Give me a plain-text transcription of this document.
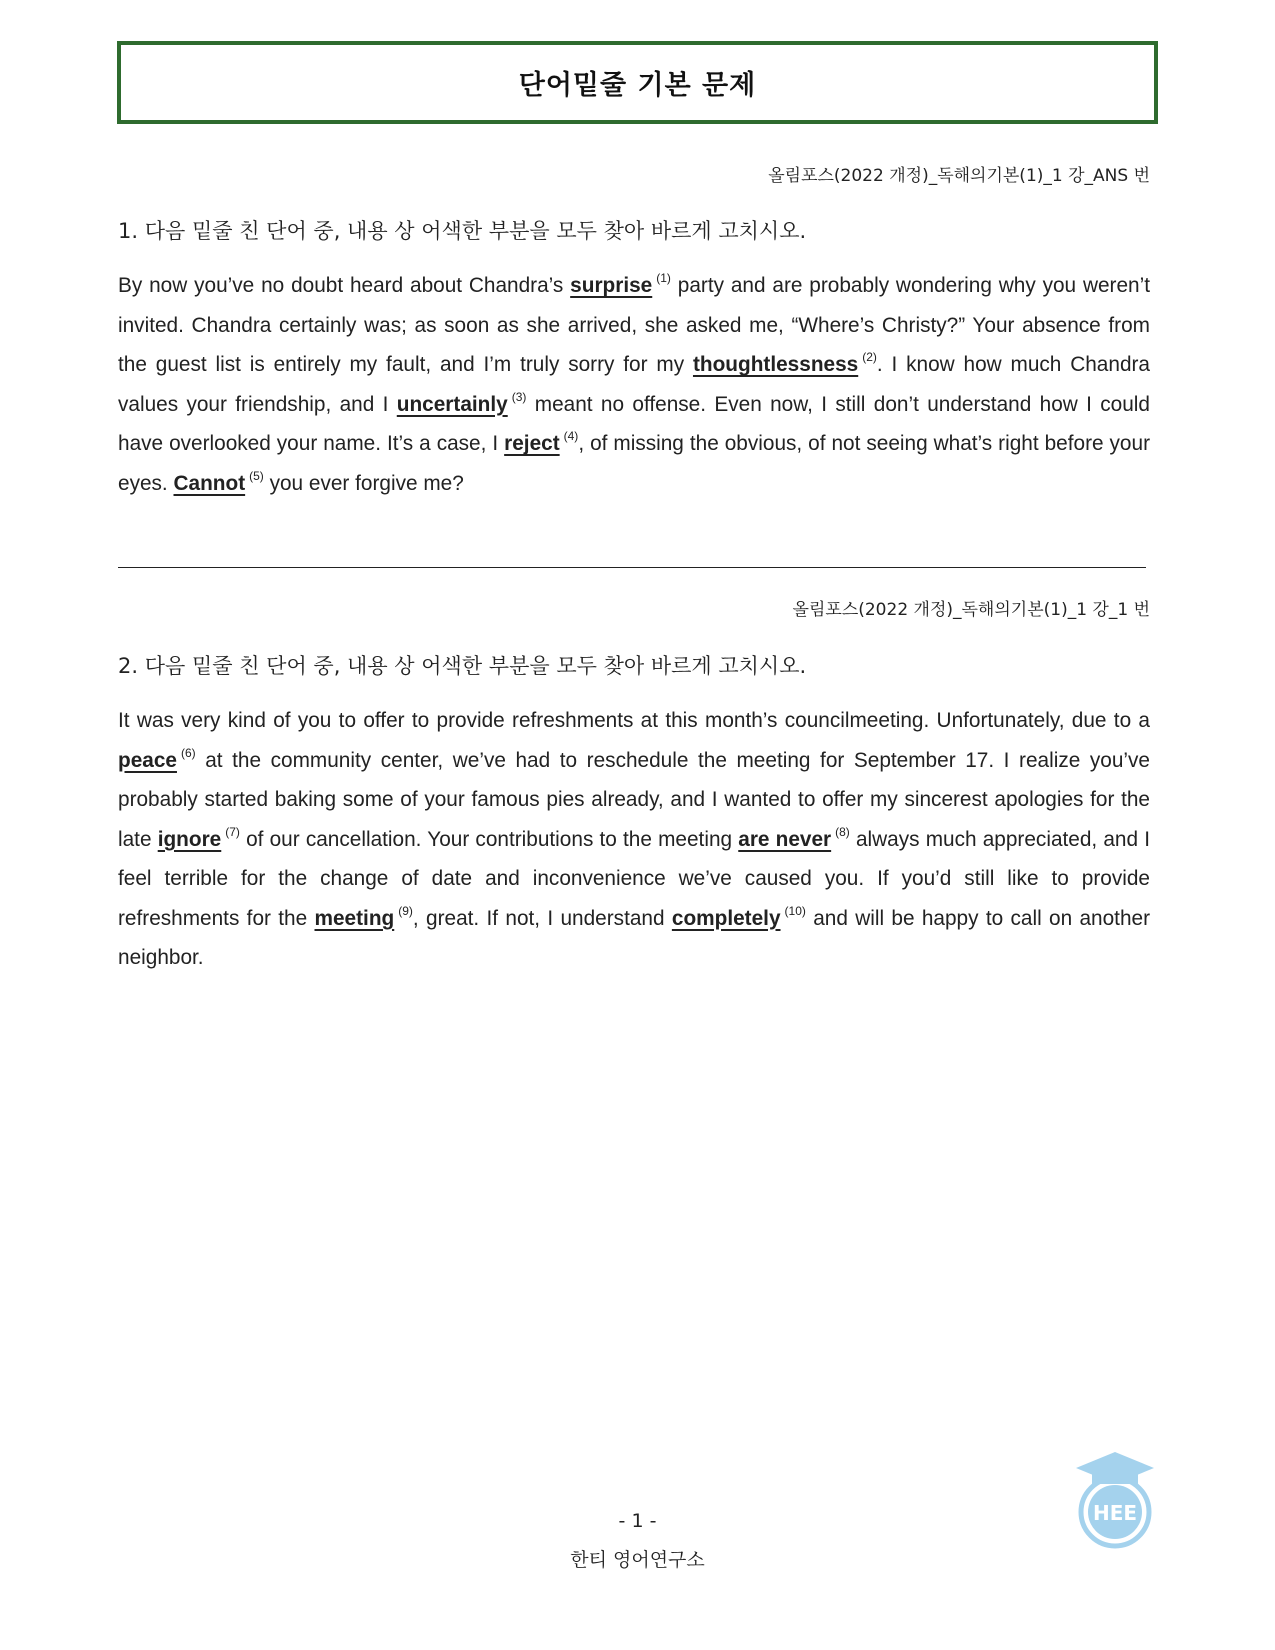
단어밑줄 기본 문제
올림포스(2022 개정)_독해의기본(1)_1 강_ANS 번
1. 다음 밑줄 친 단어 중, 내용 상 어색한 부분을 모두 찾아 바르게 고치시오.
By now you’ve no doubt heard about Chandra’s surprise $^{(1)}$ party and are probably wondering why you weren’t invited. Chandra certainly was; as soon as she arrived, she asked me, “Where’s Christy?” Your absence from the guest list is entirely my fault, and I’m truly sorry for my thoughtlessness $^{(2)}$. I know how much Chandra values your friendship, and I uncertainly $^{(3)}$ meant no offense. Even now, I still don’t understand how I could have overlooked your name. It’s a case, I reject $^{(4)}$, of missing the obvious, of not seeing what’s right before your eyes. Cannot $^{(5)}$ you ever forgive me?
올림포스(2022 개정)_독해의기본(1)_1 강_1 번
2. 다음 밑줄 친 단어 중, 내용 상 어색한 부분을 모두 찾아 바르게 고치시오.
It was very kind of you to offer to provide refreshments at this month’s councilmeeting. Unfortunately, due to a peace $^{(6)}$ at the community center, we’ve had to reschedule the meeting for September 17. I realize you’ve probably started baking some of your famous pies already, and I wanted to offer my sincerest apologies for the late ignore $^{(7)}$ of our cancellation. Your contributions to the meeting are never $^{(8)}$ always much appreciated, and I feel terrible for the change of date and inconvenience we’ve caused you. If you’d still like to provide refreshments for the meeting $^{(9)}$, great. If not, I understand completely $^{(10)}$ and will be happy to call on another neighbor.
HEE
- 1 -
한티 영어연구소
